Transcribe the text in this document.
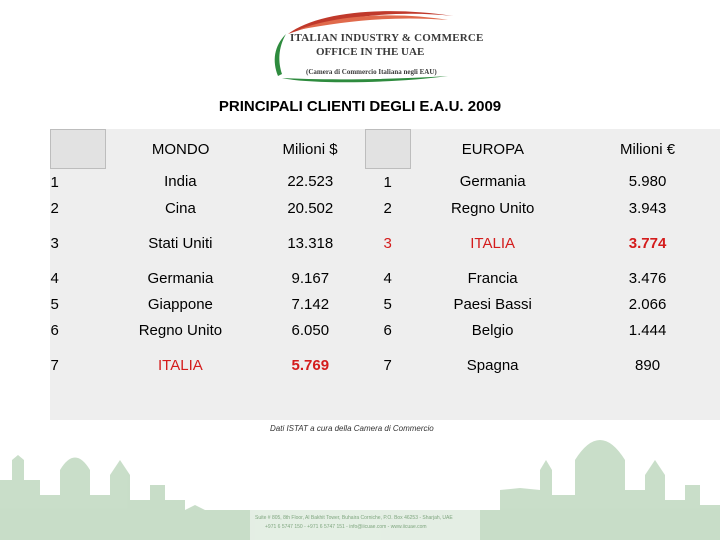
ITALIAN INDUSTRY & COMMERCE
OFFICE IN THE UAE
(Camera di Commercio Italiana negli EAU)
PRINCIPALI CLIENTI DEGLI E.A.U. 2009
	MONDO	Milioni $		EUROPA	Milioni €
1	India	22.523	1	Germania	5.980
2	Cina	20.502	2	Regno Unito	3.943
3	Stati Uniti	13.318	3	ITALIA	3.774
4	Germania	9.167	4	Francia	3.476
5	Giappone	7.142	5	Paesi Bassi	2.066
6	Regno Unito	6.050	6	Belgio	1.444
7	ITALIA	5.769	7	Spagna	890
Dati ISTAT a cura della Camera di Commercio
Suite # 805, 8th Floor, Al Bakhit Tower, Buhaira Corniche, P.O. Box 46253 - Sharjah, UAE
+971 6 5747 150 - +971 6 5747 151 - info@iicuae.com - www.iicuae.com
